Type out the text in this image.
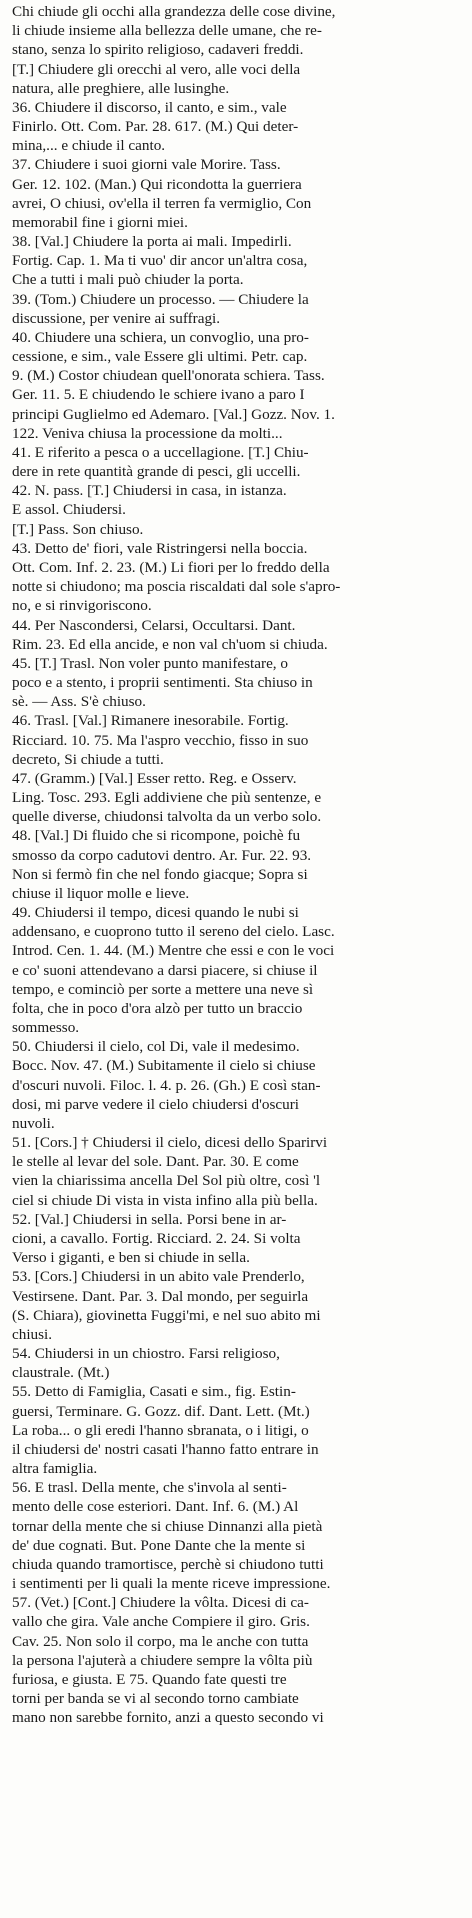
Chi chiude gli occhi alla grandezza delle cose divine,
li chiude insieme alla bellezza delle umane, che re-
stano, senza lo spirito religioso, cadaveri freddi.
[T.] Chiudere gli orecchi al vero, alle voci della
natura, alle preghiere, alle lusinghe.
36. Chiudere il discorso, il canto, e sim., vale
Finirlo. Ott. Com. Par. 28. 617. (M.) Qui deter-
mina,... e chiude il canto.
37. Chiudere i suoi giorni vale Morire. Tass.
Ger. 12. 102. (Man.) Qui ricondotta la guerriera
avrei, O chiusi, ov'ella il terren fa vermiglio, Con
memorabil fine i giorni miei.
38. [Val.] Chiudere la porta ai mali. Impedirli.
Fortig. Cap. 1. Ma ti vuo' dir ancor un'altra cosa,
Che a tutti i mali può chiuder la porta.
39. (Tom.) Chiudere un processo. — Chiudere la
discussione, per venire ai suffragi.
40. Chiudere una schiera, un convoglio, una pro-
cessione, e sim., vale Essere gli ultimi. Petr. cap.
9. (M.) Costor chiudean quell'onorata schiera. Tass.
Ger. 11. 5. E chiudendo le schiere ivano a paro I
principi Guglielmo ed Ademaro. [Val.] Gozz. Nov. 1.
122. Veniva chiusa la processione da molti...
41. E riferito a pesca o a uccellagione. [T.] Chiu-
dere in rete quantità grande di pesci, gli uccelli.
42. N. pass. [T.] Chiudersi in casa, in istanza.
E assol. Chiudersi.
[T.] Pass. Son chiuso.
43. Detto de' fiori, vale Ristringersi nella boccia.
Ott. Com. Inf. 2. 23. (M.) Li fiori per lo freddo della
notte si chiudono; ma poscia riscaldati dal sole s'apro-
no, e si rinvigoriscono.
44. Per Nascondersi, Celarsi, Occultarsi. Dant.
Rim. 23. Ed ella ancide, e non val ch'uom si chiuda.
45. [T.] Trasl. Non voler punto manifestare, o
poco e a stento, i proprii sentimenti. Sta chiuso in
sè. — Ass. S'è chiuso.
46. Trasl. [Val.] Rimanere inesorabile. Fortig.
Ricciard. 10. 75. Ma l'aspro vecchio, fisso in suo
decreto, Si chiude a tutti.
47. (Gramm.) [Val.] Esser retto. Reg. e Osserv.
Ling. Tosc. 293. Egli addiviene che più sentenze, e
quelle diverse, chiudonsi talvolta da un verbo solo.
48. [Val.] Di fluido che si ricompone, poichè fu
smosso da corpo cadutovi dentro. Ar. Fur. 22. 93.
Non si fermò fin che nel fondo giacque; Sopra si
chiuse il liquor molle e lieve.
49. Chiudersi il tempo, dicesi quando le nubi si
addensano, e cuoprono tutto il sereno del cielo. Lasc.
Introd. Cen. 1. 44. (M.) Mentre che essi e con le voci
e co' suoni attendevano a darsi piacere, si chiuse il
tempo, e cominciò per sorte a mettere una neve sì
folta, che in poco d'ora alzò per tutto un braccio
sommesso.
50. Chiudersi il cielo, col Di, vale il medesimo.
Bocc. Nov. 47. (M.) Subitamente il cielo si chiuse
d'oscuri nuvoli. Filoc. l. 4. p. 26. (Gh.) E così stan-
dosi, mi parve vedere il cielo chiudersi d'oscuri
nuvoli.
51. [Cors.] † Chiudersi il cielo, dicesi dello Sparirvi
le stelle al levar del sole. Dant. Par. 30. E come
vien la chiarissima ancella Del Sol più oltre, così 'l
ciel si chiude Di vista in vista infino alla più bella.
52. [Val.] Chiudersi in sella. Porsi bene in ar-
cioni, a cavallo. Fortig. Ricciard. 2. 24. Si volta
Verso i giganti, e ben si chiude in sella.
53. [Cors.] Chiudersi in un abito vale Prenderlo,
Vestirsene. Dant. Par. 3. Dal mondo, per seguirla
(S. Chiara), giovinetta Fuggi'mi, e nel suo abito mi
chiusi.
54. Chiudersi in un chiostro. Farsi religioso,
claustrale. (Mt.)
55. Detto di Famiglia, Casati e sim., fig. Estin-
guersi, Terminare. G. Gozz. dif. Dant. Lett. (Mt.)
La roba... o gli eredi l'hanno sbranata, o i litigi, o
il chiudersi de' nostri casati l'hanno fatto entrare in
altra famiglia.
56. E trasl. Della mente, che s'invola al senti-
mento delle cose esteriori. Dant. Inf. 6. (M.) Al
tornar della mente che si chiuse Dinnanzi alla pietà
de' due cognati. But. Pone Dante che la mente si
chiuda quando tramortisce, perchè si chiudono tutti
i sentimenti per li quali la mente riceve impressione.
57. (Vet.) [Cont.] Chiudere la vôlta. Dicesi di ca-
vallo che gira. Vale anche Compiere il giro. Gris.
Cav. 25. Non solo il corpo, ma le anche con tutta
la persona l'ajuterà a chiudere sempre la vôlta più
furiosa, e giusta. E 75. Quando fate questi tre
torni per banda se vi al secondo torno cambiate
mano non sarebbe fornito, anzi a questo secondo vi
